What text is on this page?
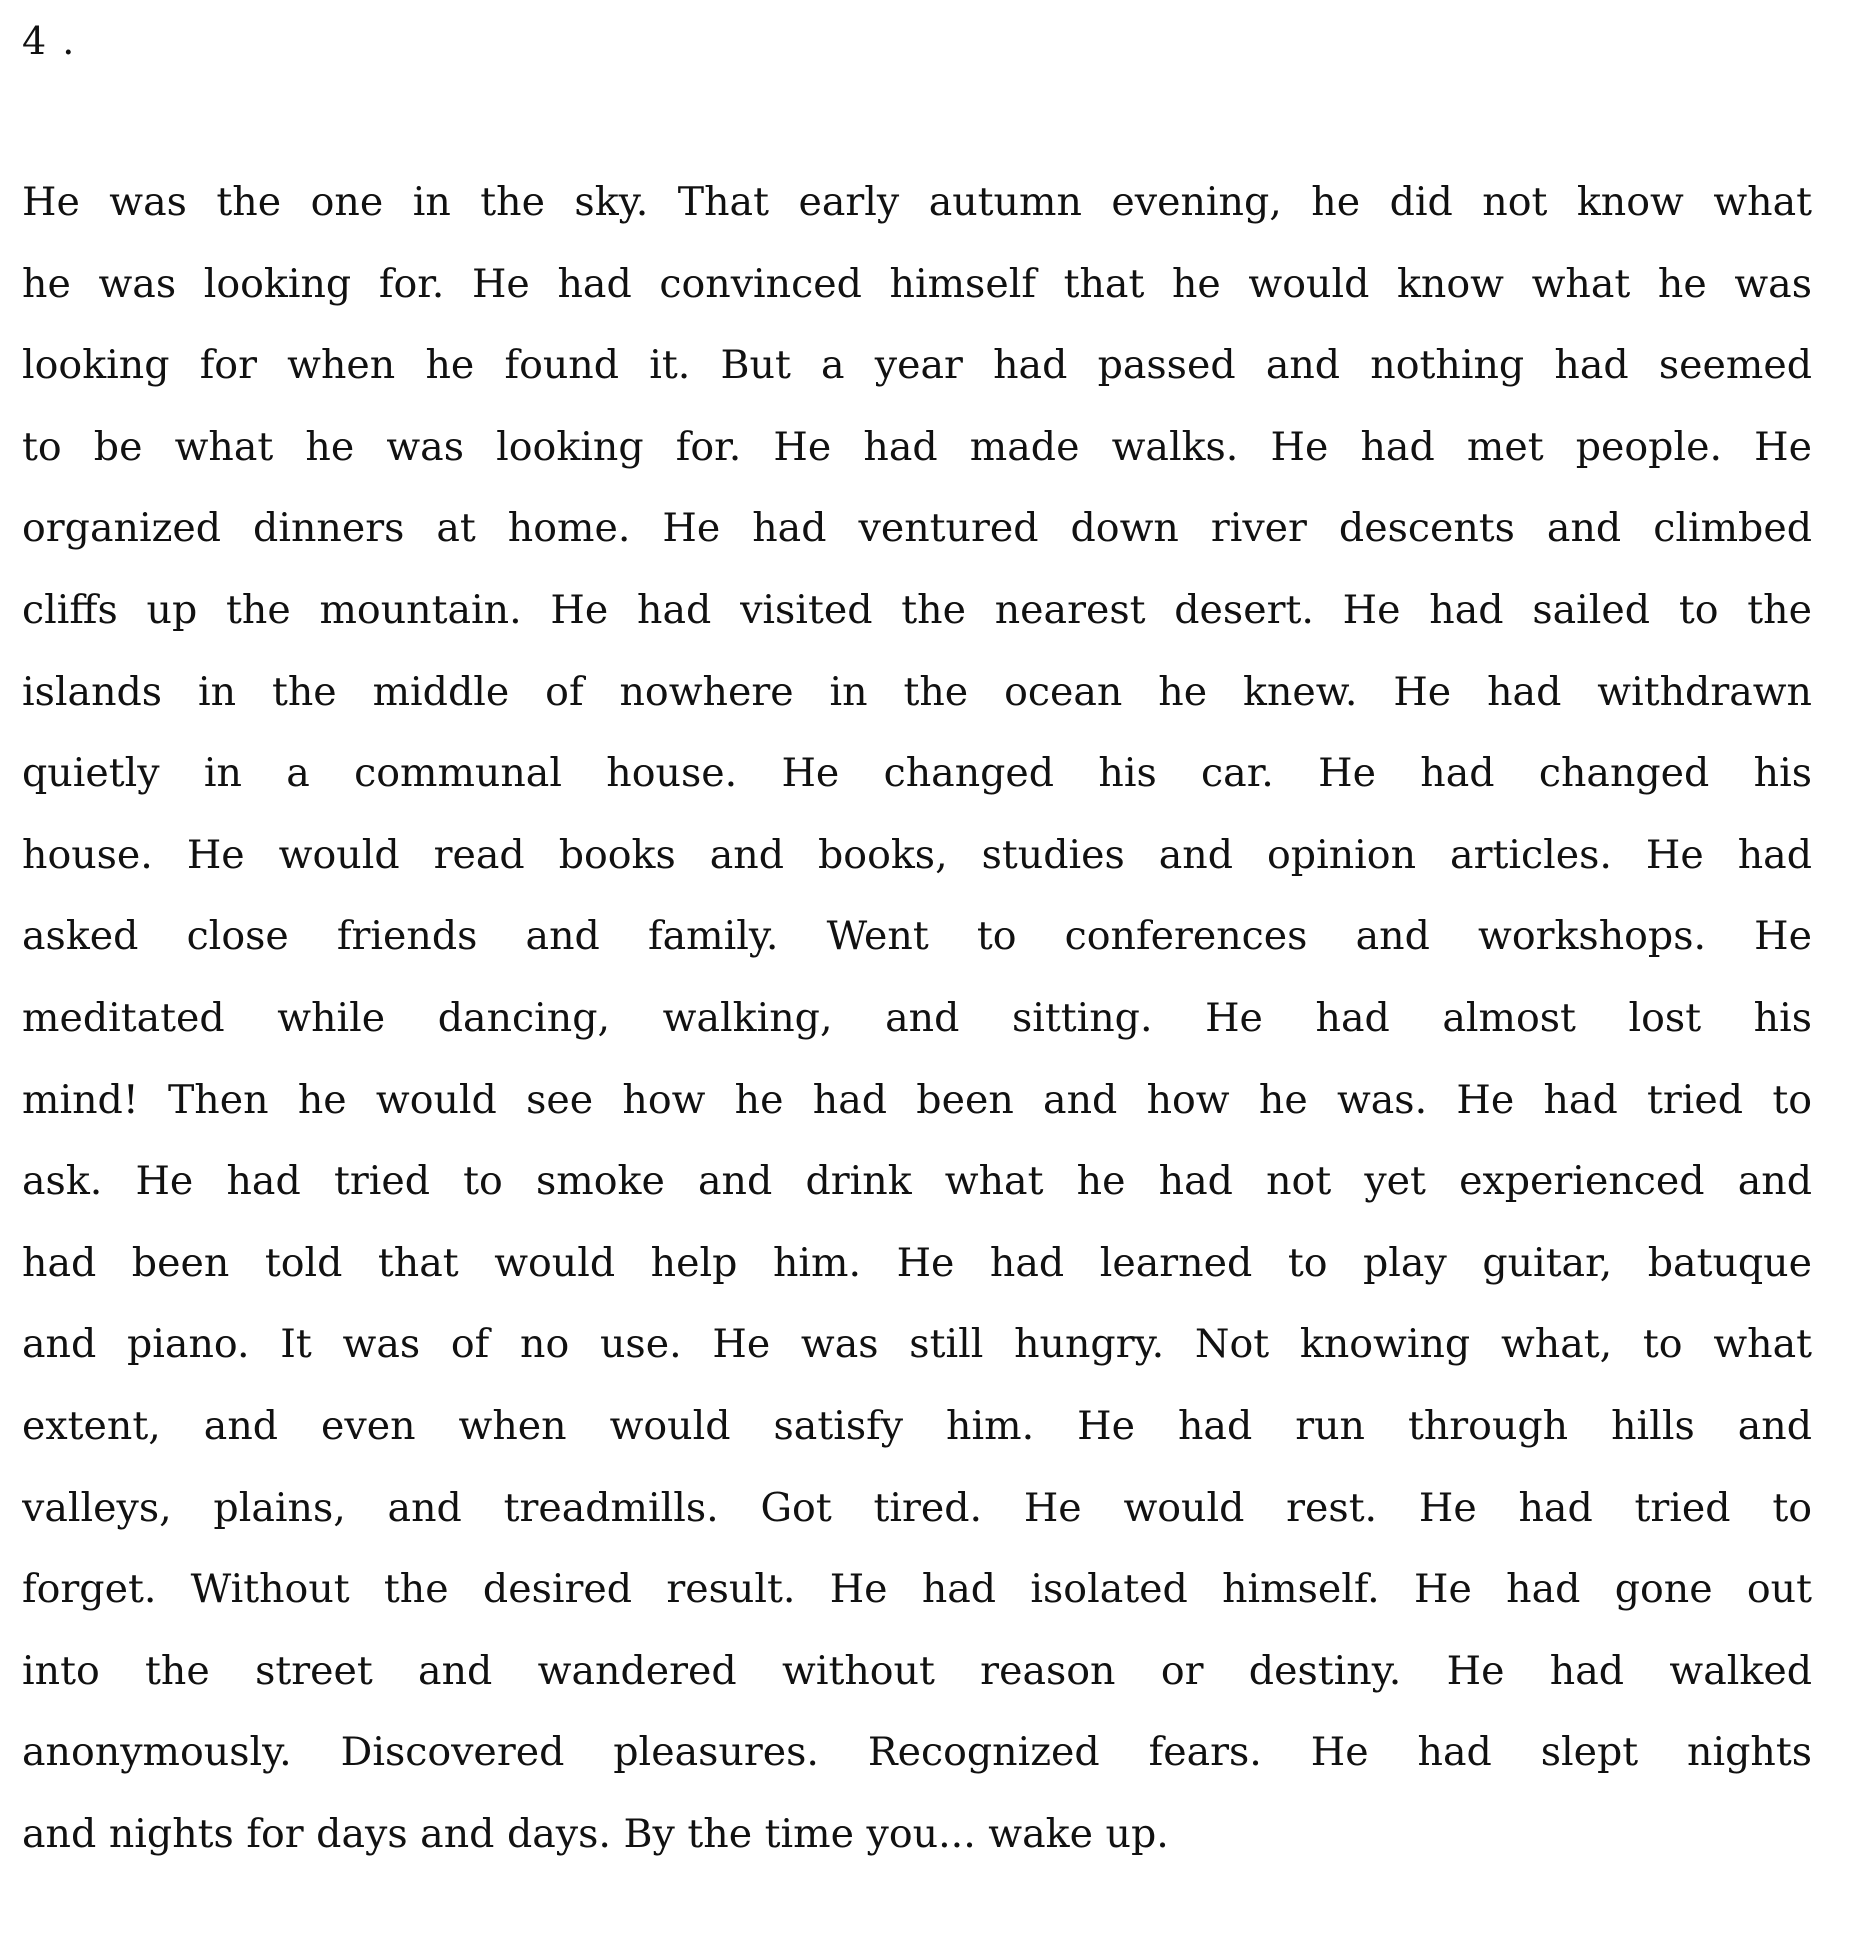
4 .
He was the one in the sky. That early autumn evening, he did not know what
he was looking for. He had convinced himself that he would know what he was
looking for when he found it. But a year had passed and nothing had seemed
to be what he was looking for. He had made walks. He had met people. He
organized dinners at home. He had ventured down river descents and climbed
cliffs up the mountain. He had visited the nearest desert. He had sailed to the
islands in the middle of nowhere in the ocean he knew. He had withdrawn
quietly in a communal house. He changed his car. He had changed his
house. He would read books and books, studies and opinion articles. He had
asked close friends and family. Went to conferences and workshops. He
meditated while dancing, walking, and sitting. He had almost lost his
mind! Then he would see how he had been and how he was. He had tried to
ask. He had tried to smoke and drink what he had not yet experienced and
had been told that would help him. He had learned to play guitar, batuque
and piano. It was of no use. He was still hungry. Not knowing what, to what
extent, and even when would satisfy him. He had run through hills and
valleys, plains, and treadmills. Got tired. He would rest. He had tried to
forget. Without the desired result. He had isolated himself. He had gone out
into the street and wandered without reason or destiny. He had walked
anonymously. Discovered pleasures. Recognized fears. He had slept nights
and nights for days and days. By the time you... wake up.
